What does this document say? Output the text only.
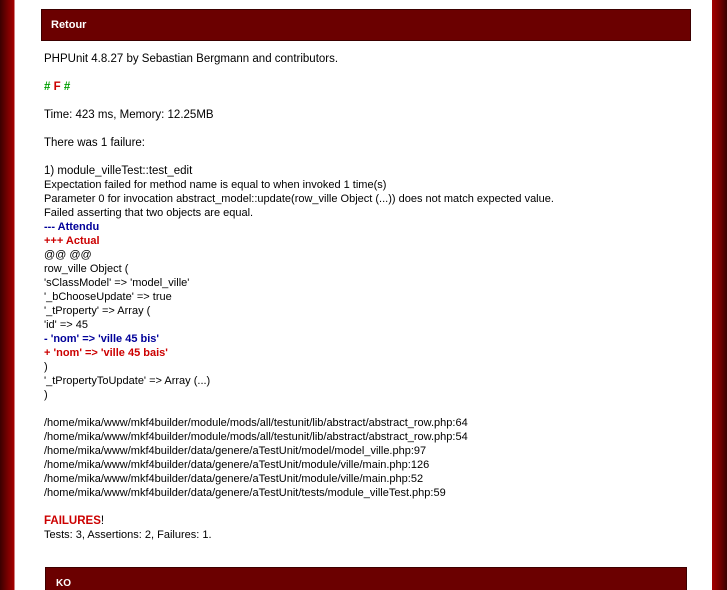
Retour
PHPUnit 4.8.27 by Sebastian Bergmann and contributors.
# F #
Time: 423 ms, Memory: 12.25MB
There was 1 failure:
1) module_villeTest::test_edit
Expectation failed for method name is equal to when invoked 1 time(s)
Parameter 0 for invocation abstract_model::update(row_ville Object (...)) does not match expected value.
Failed asserting that two objects are equal.
--- Attendu
+++ Actual
@@ @@
row_ville Object (
'sClassModel' => 'model_ville'
'_bChooseUpdate' => true
'_tProperty' => Array (
'id' => 45
- 'nom' => 'ville 45 bis'
+ 'nom' => 'ville 45 bais'
)
'_tPropertyToUpdate' => Array (...)
)
/home/mika/www/mkf4builder/module/mods/all/testunit/lib/abstract/abstract_row.php:64
/home/mika/www/mkf4builder/module/mods/all/testunit/lib/abstract/abstract_row.php:54
/home/mika/www/mkf4builder/data/genere/aTestUnit/model/model_ville.php:97
/home/mika/www/mkf4builder/data/genere/aTestUnit/module/ville/main.php:126
/home/mika/www/mkf4builder/data/genere/aTestUnit/module/ville/main.php:52
/home/mika/www/mkf4builder/data/genere/aTestUnit/tests/module_villeTest.php:59
FAILURES!
Tests: 3, Assertions: 2, Failures: 1.
KO
